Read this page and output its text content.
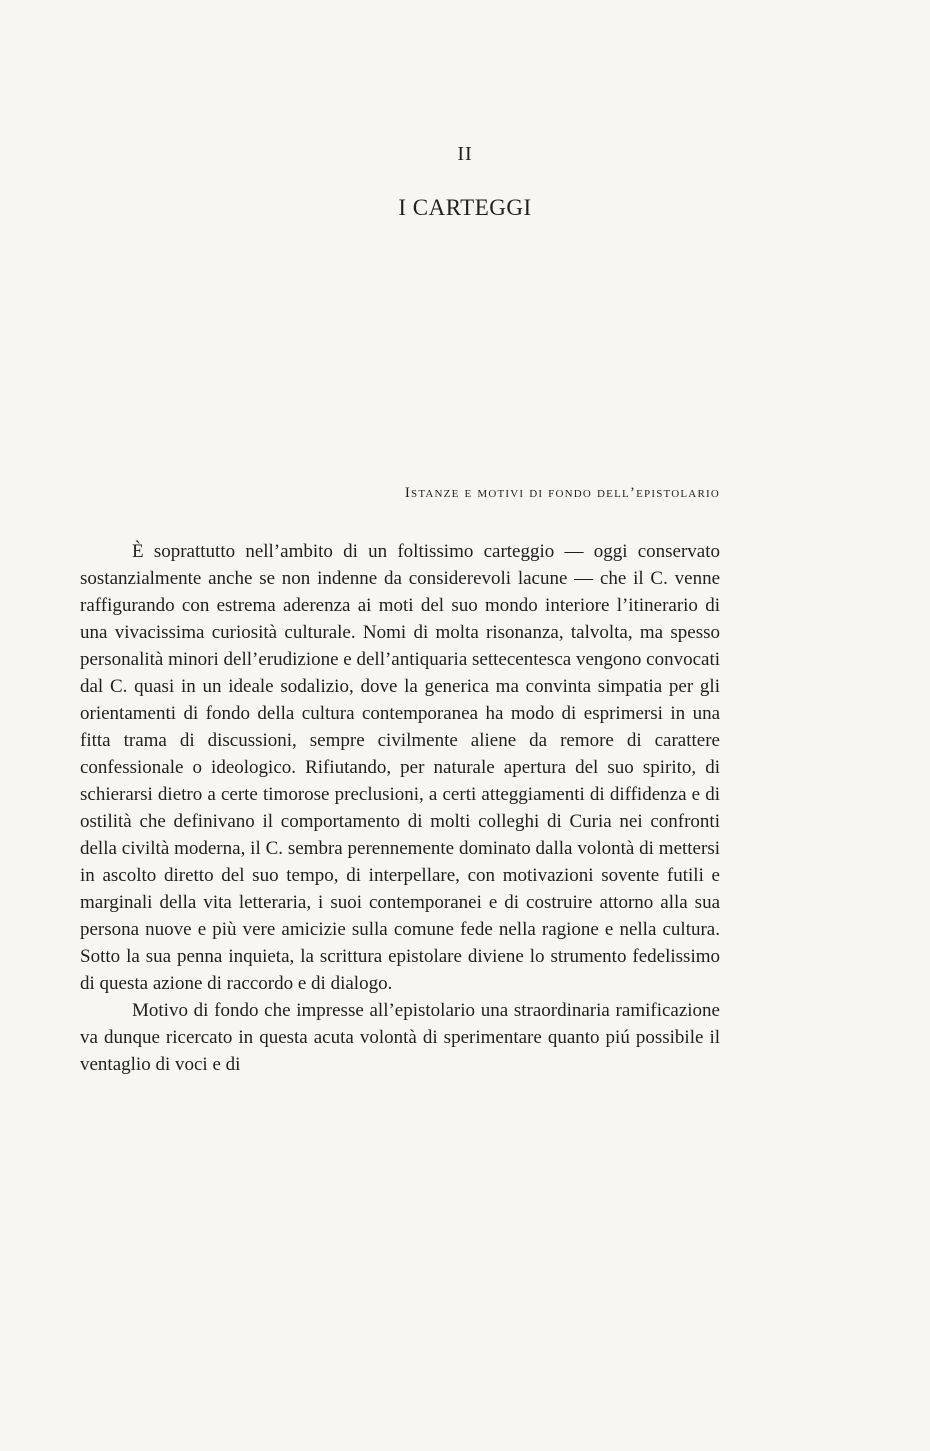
II
I CARTEGGI
Istanze e motivi di fondo dell’epistolario

È soprattutto nell’ambito di un foltissimo carteggio — oggi conservato sostanzialmente anche se non indenne da considerevoli lacune — che il C. venne raffigurando con estrema aderenza ai moti del suo mondo interiore l’itinerario di una vivacissima curiosità culturale. Nomi di molta risonanza, talvolta, ma spesso personalità minori dell’erudizione e dell’antiquaria settecentesca vengono convocati dal C. quasi in un ideale sodalizio, dove la generica ma convinta simpatia per gli orientamenti di fondo della cultura contemporanea ha modo di esprimersi in una fitta trama di discussioni, sempre civilmente aliene da remore di carattere confessionale o ideologico. Rifiutando, per naturale apertura del suo spirito, di schierarsi dietro a certe timorose preclusioni, a certi atteggiamenti di diffidenza e di ostilità che definivano il comportamento di molti colleghi di Curia nei confronti della civiltà moderna, il C. sembra perennemente dominato dalla volontà di mettersi in ascolto diretto del suo tempo, di interpellare, con motivazioni sovente futili e marginali della vita letteraria, i suoi contemporanei e di costruire attorno alla sua persona nuove e più vere amicizie sulla comune fede nella ragione e nella cultura. Sotto la sua penna inquieta, la scrittura epistolare diviene lo strumento fedelissimo di questa azione di raccordo e di dialogo.

Motivo di fondo che impresse all’epistolario una straordinaria ramificazione va dunque ricercato in questa acuta volontà di sperimentare quanto piú possibile il ventaglio di voci e di
